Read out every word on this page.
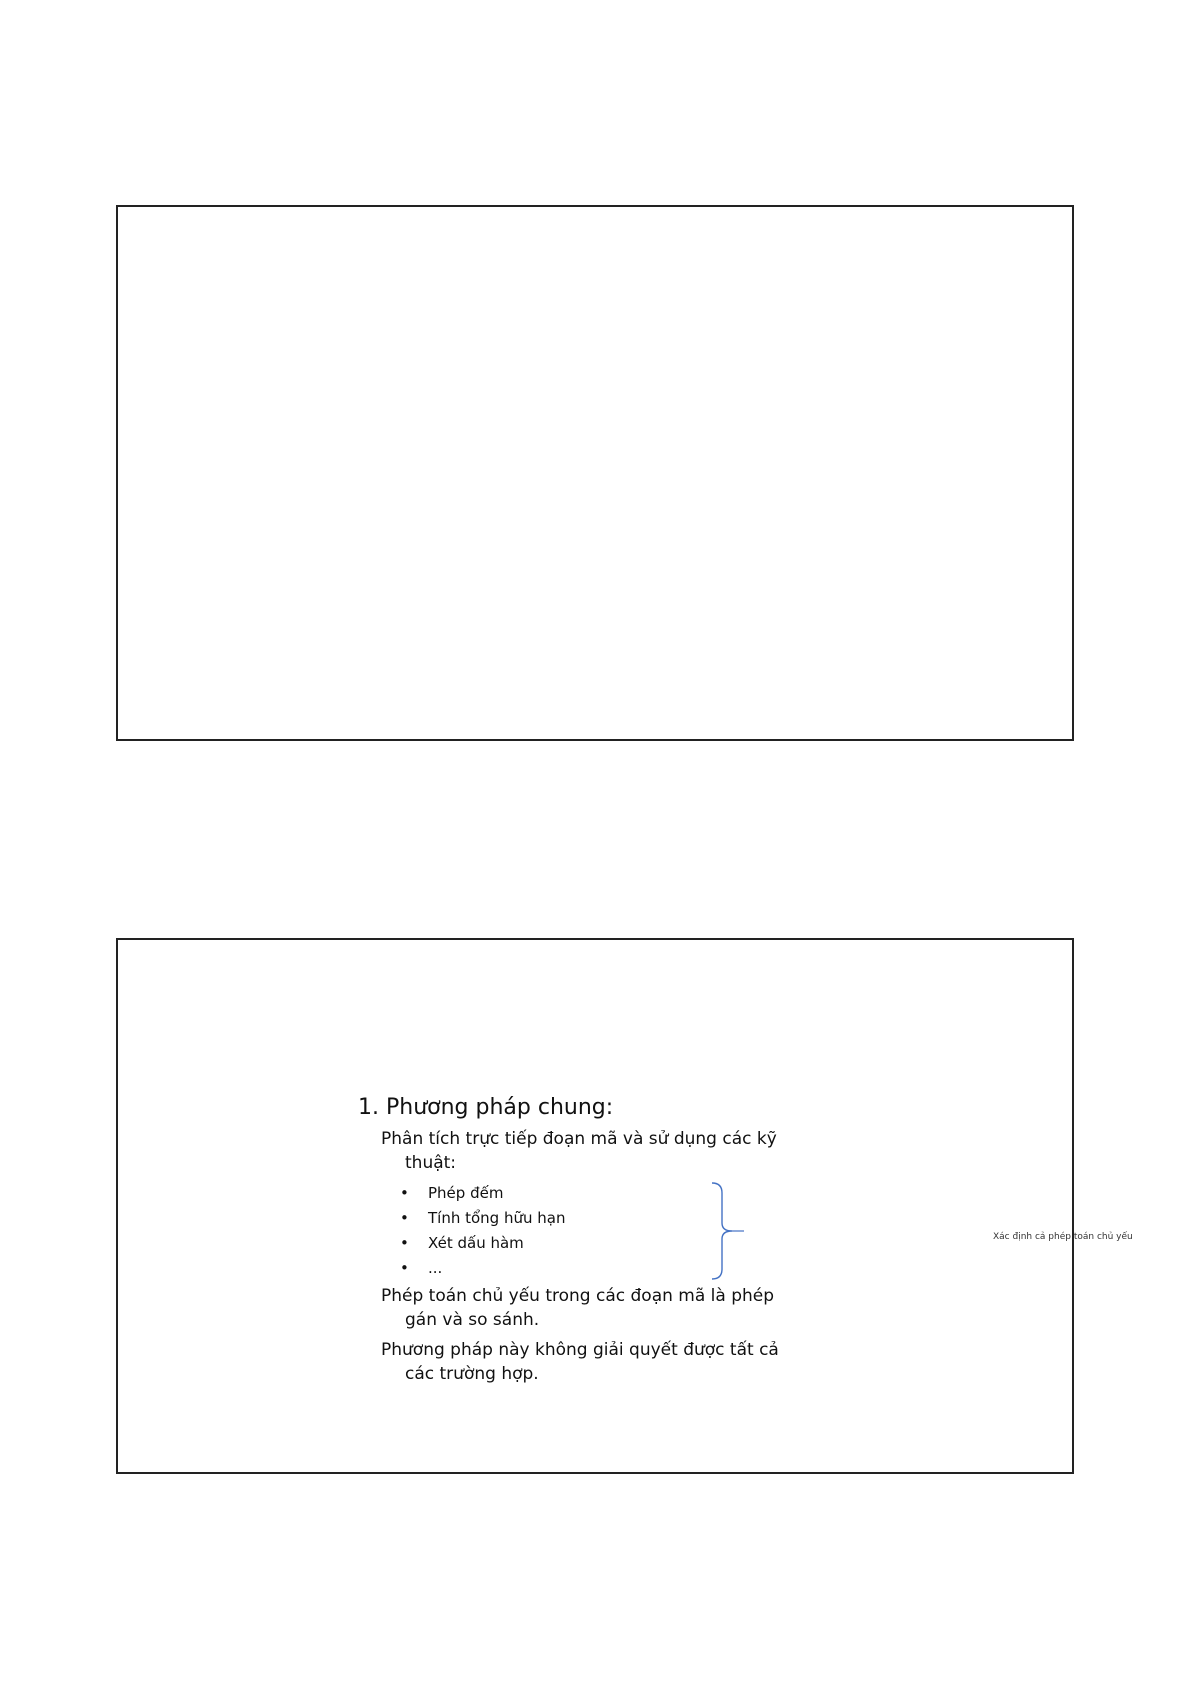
1. Phương pháp chung:
Phân tích trực tiếp đoạn mã và sử dụng các kỹ
thuật:
• Phép đếm
• Tính tổng hữu hạn
• Xét dấu hàm
• ...
Xác định cả phép toán chủ yếu
Phép toán chủ yếu trong các đoạn mã là phép
gán và so sánh.
Phương pháp này không giải quyết được tất cả
các trường hợp.
